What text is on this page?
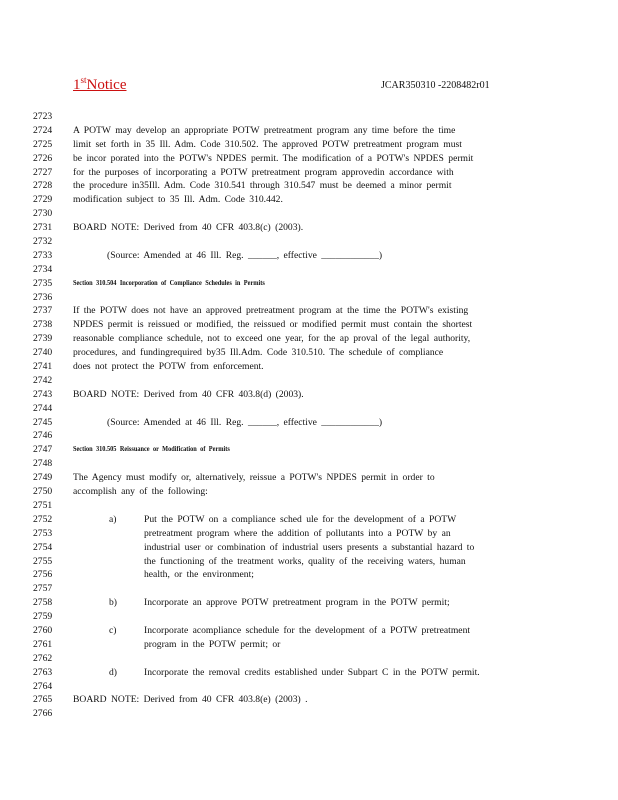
1stNotice	JCAR350310 -2208482r01
2723
2724	A POTW may develop an appropriate POTW pretreatment program any time before the time
2725	limit set forth in 35 Ill. Adm. Code 310.502. The approved POTW pretreatment program must
2726	be incor porated into the POTW's NPDES permit. The modification of a POTW's NPDES permit
2727	for the purposes of incorporating a POTW pretreatment program approvedin accordance with
2728	the procedure in35Ill. Adm. Code 310.541 through 310.547 must be deemed a minor permit
2729	modification subject to 35 Ill. Adm. Code 310.442.
2730
2731	BOARD NOTE: Derived from 40 CFR 403.8(c) (2003).
2732
2733	(Source: Amended at 46 Ill. Reg. ______, effective ____________)
2734
2735	Section 310.504 Incorporation of Compliance Schedules in Permits
2736
2737	If the POTW does not have an approved pretreatment program at the time the POTW's existing
2738	NPDES permit is reissued or modified, the reissued or modified permit must contain the shortest
2739	reasonable compliance schedule, not to exceed one year, for the ap proval of the legal authority,
2740	procedures, and fundingrequired by35 Ill.Adm. Code 310.510. The schedule of compliance
2741	does not protect the POTW from enforcement.
2742
2743	BOARD NOTE: Derived from 40 CFR 403.8(d) (2003).
2744
2745	(Source: Amended at 46 Ill. Reg. ______, effective ____________)
2746
2747	Section 310.505 Reissuance or Modification of Permits
2748
2749	The Agency must modify or, alternatively, reissue a POTW's NPDES permit in order to
2750	accomplish any of the following:
2751
2752	a)	Put the POTW on a compliance sched ule for the development of a POTW
2753	pretreatment program where the addition of pollutants into a POTW by an
2754	industrial user or combination of industrial users presents a substantial hazard to
2755	the functioning of the treatment works, quality of the receiving waters, human
2756	health, or the environment;
2757
2758	b)	Incorporate an approve POTW pretreatment program in the POTW permit;
2759
2760	c)	Incorporate acompliance schedule for the development of a POTW pretreatment
2761	program in the POTW permit; or
2762
2763	d)	Incorporate the removal credits established under Subpart C in the POTW permit.
2764
2765	BOARD NOTE: Derived from 40 CFR 403.8(e) (2003) .
2766
